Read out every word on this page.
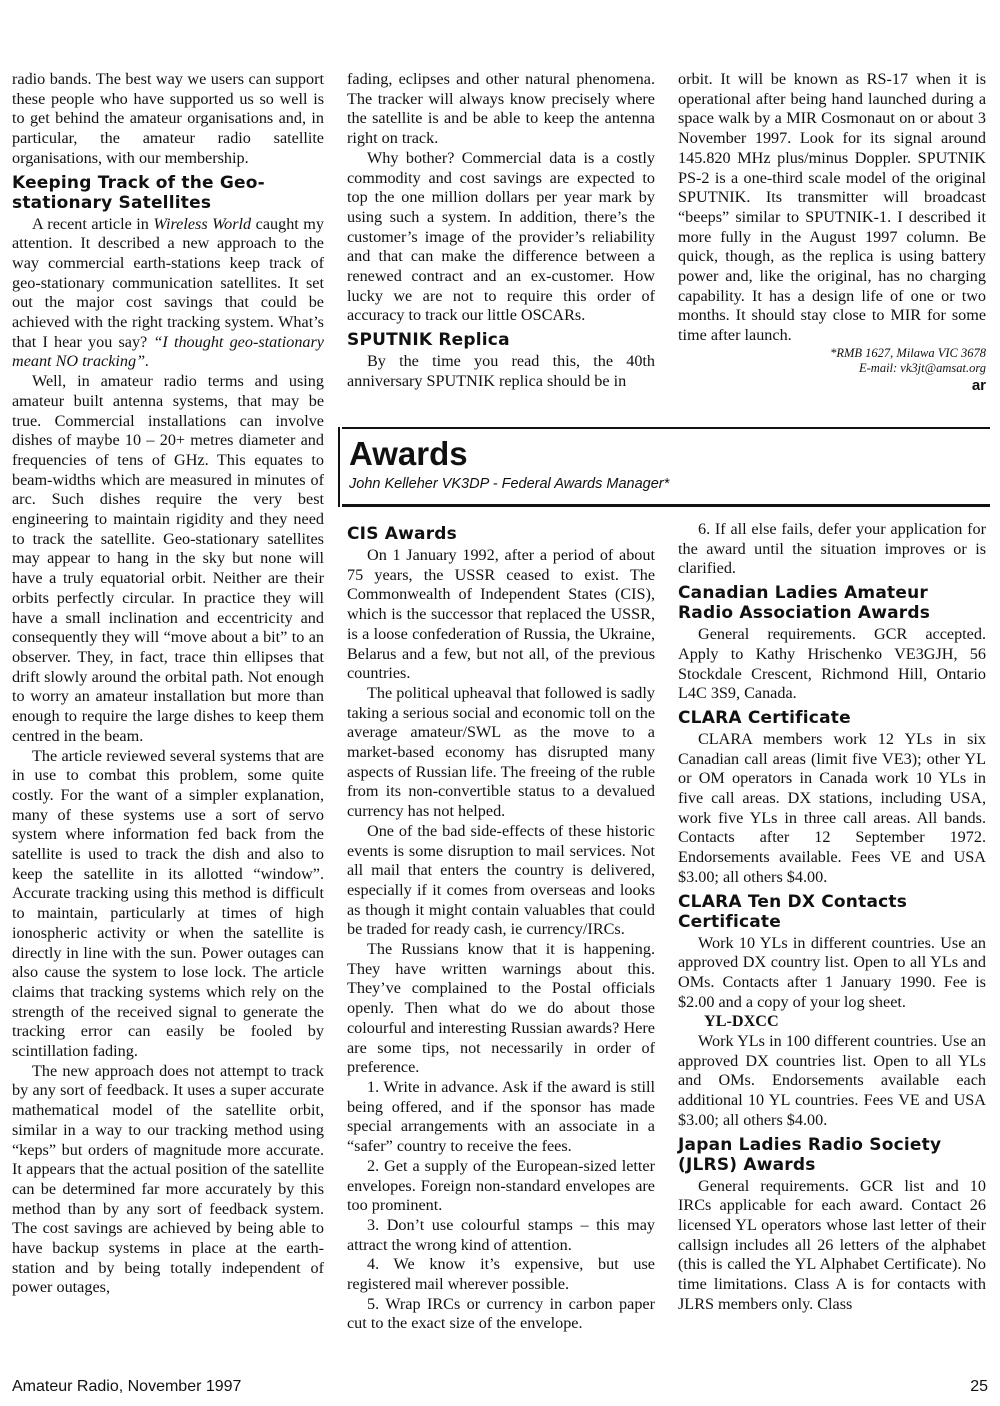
radio bands. The best way we users can support these people who have supported us so well is to get behind the amateur organisations and, in particular, the amateur radio satellite organisations, with our membership.

Keeping Track of the Geo-stationary Satellites

A recent article in Wireless World caught my attention. It described a new approach to the way commercial earth-stations keep track of geo-stationary communication satellites. It set out the major cost savings that could be achieved with the right tracking system. What’s that I hear you say? “I thought geo-stationary meant NO tracking”.

Well, in amateur radio terms and using amateur built antenna systems, that may be true. Commercial installations can involve dishes of maybe 10 – 20+ metres diameter and frequencies of tens of GHz. This equates to beam-widths which are measured in minutes of arc. Such dishes require the very best engineering to maintain rigidity and they need to track the satellite. Geo-stationary satellites may appear to hang in the sky but none will have a truly equatorial orbit. Neither are their orbits perfectly circular. In practice they will have a small inclination and eccentricity and consequently they will “move about a bit” to an observer. They, in fact, trace thin ellipses that drift slowly around the orbital path. Not enough to worry an amateur installation but more than enough to require the large dishes to keep them centred in the beam.

The article reviewed several systems that are in use to combat this problem, some quite costly. For the want of a simpler explanation, many of these systems use a sort of servo system where information fed back from the satellite is used to track the dish and also to keep the satellite in its allotted “window”. Accurate tracking using this method is difficult to maintain, particularly at times of high ionospheric activity or when the satellite is directly in line with the sun. Power outages can also cause the system to lose lock. The article claims that tracking systems which rely on the strength of the received signal to generate the tracking error can easily be fooled by scintillation fading.

The new approach does not attempt to track by any sort of feedback. It uses a super accurate mathematical model of the satellite orbit, similar in a way to our tracking method using “keps” but orders of magnitude more accurate. It appears that the actual position of the satellite can be determined far more accurately by this method than by any sort of feedback system. The cost savings are achieved by being able to have backup systems in place at the earth-station and by being totally independent of power outages,

fading, eclipses and other natural phenomena. The tracker will always know precisely where the satellite is and be able to keep the antenna right on track.

Why bother? Commercial data is a costly commodity and cost savings are expected to top the one million dollars per year mark by using such a system. In addition, there’s the customer’s image of the provider’s reliability and that can make the difference between a renewed contract and an ex-customer. How lucky we are not to require this order of accuracy to track our little OSCARs.

SPUTNIK Replica

By the time you read this, the 40th anniversary SPUTNIK replica should be in

orbit. It will be known as RS-17 when it is operational after being hand launched during a space walk by a MIR Cosmonaut on or about 3 November 1997. Look for its signal around 145.820 MHz plus/minus Doppler. SPUTNIK PS-2 is a one-third scale model of the original SPUTNIK. Its transmitter will broadcast “beeps” similar to SPUTNIK-1. I described it more fully in the August 1997 column. Be quick, though, as the replica is using battery power and, like the original, has no charging capability. It has a design life of one or two months. It should stay close to MIR for some time after launch.

*RMB 1627, Milawa VIC 3678

E-mail: vk3jt@amsat.org

ar

Awards

John Kelleher VK3DP - Federal Awards Manager*

CIS Awards

On 1 January 1992, after a period of about 75 years, the USSR ceased to exist. The Commonwealth of Independent States (CIS), which is the successor that replaced the USSR, is a loose confederation of Russia, the Ukraine, Belarus and a few, but not all, of the previous countries.

The political upheaval that followed is sadly taking a serious social and economic toll on the average amateur/SWL as the move to a market-based economy has disrupted many aspects of Russian life. The freeing of the ruble from its non-convertible status to a devalued currency has not helped.

One of the bad side-effects of these historic events is some disruption to mail services. Not all mail that enters the country is delivered, especially if it comes from overseas and looks as though it might contain valuables that could be traded for ready cash, ie currency/IRCs.

The Russians know that it is happening. They have written warnings about this. They’ve complained to the Postal officials openly. Then what do we do about those colourful and interesting Russian awards? Here are some tips, not necessarily in order of preference.

1. Write in advance. Ask if the award is still being offered, and if the sponsor has made special arrangements with an associate in a “safer” country to receive the fees.

2. Get a supply of the European-sized letter envelopes. Foreign non-standard envelopes are too prominent.

3. Don’t use colourful stamps – this may attract the wrong kind of attention.

4. We know it’s expensive, but use registered mail wherever possible.

5. Wrap IRCs or currency in carbon paper cut to the exact size of the envelope.

6. If all else fails, defer your application for the award until the situation improves or is clarified.

Canadian Ladies Amateur Radio Association Awards

General requirements. GCR accepted. Apply to Kathy Hrischenko VE3GJH, 56 Stockdale Crescent, Richmond Hill, Ontario L4C 3S9, Canada.

CLARA Certificate

CLARA members work 12 YLs in six Canadian call areas (limit five VE3); other YL or OM operators in Canada work 10 YLs in five call areas. DX stations, including USA, work five YLs in three call areas. All bands. Contacts after 12 September 1972. Endorsements available. Fees VE and USA $3.00; all others $4.00.

CLARA Ten DX Contacts Certificate

Work 10 YLs in different countries. Use an approved DX country list. Open to all YLs and OMs. Contacts after 1 January 1990. Fee is $2.00 and a copy of your log sheet.

YL-DXCC

Work YLs in 100 different countries. Use an approved DX countries list. Open to all YLs and OMs. Endorsements available each additional 10 YL countries. Fees VE and USA $3.00; all others $4.00.

Japan Ladies Radio Society (JLRS) Awards

General requirements. GCR list and 10 IRCs applicable for each award. Contact 26 licensed YL operators whose last letter of their callsign includes all 26 letters of the alphabet (this is called the YL Alphabet Certificate). No time limitations. Class A is for contacts with JLRS members only. Class

Amateur Radio, November 1997	25
